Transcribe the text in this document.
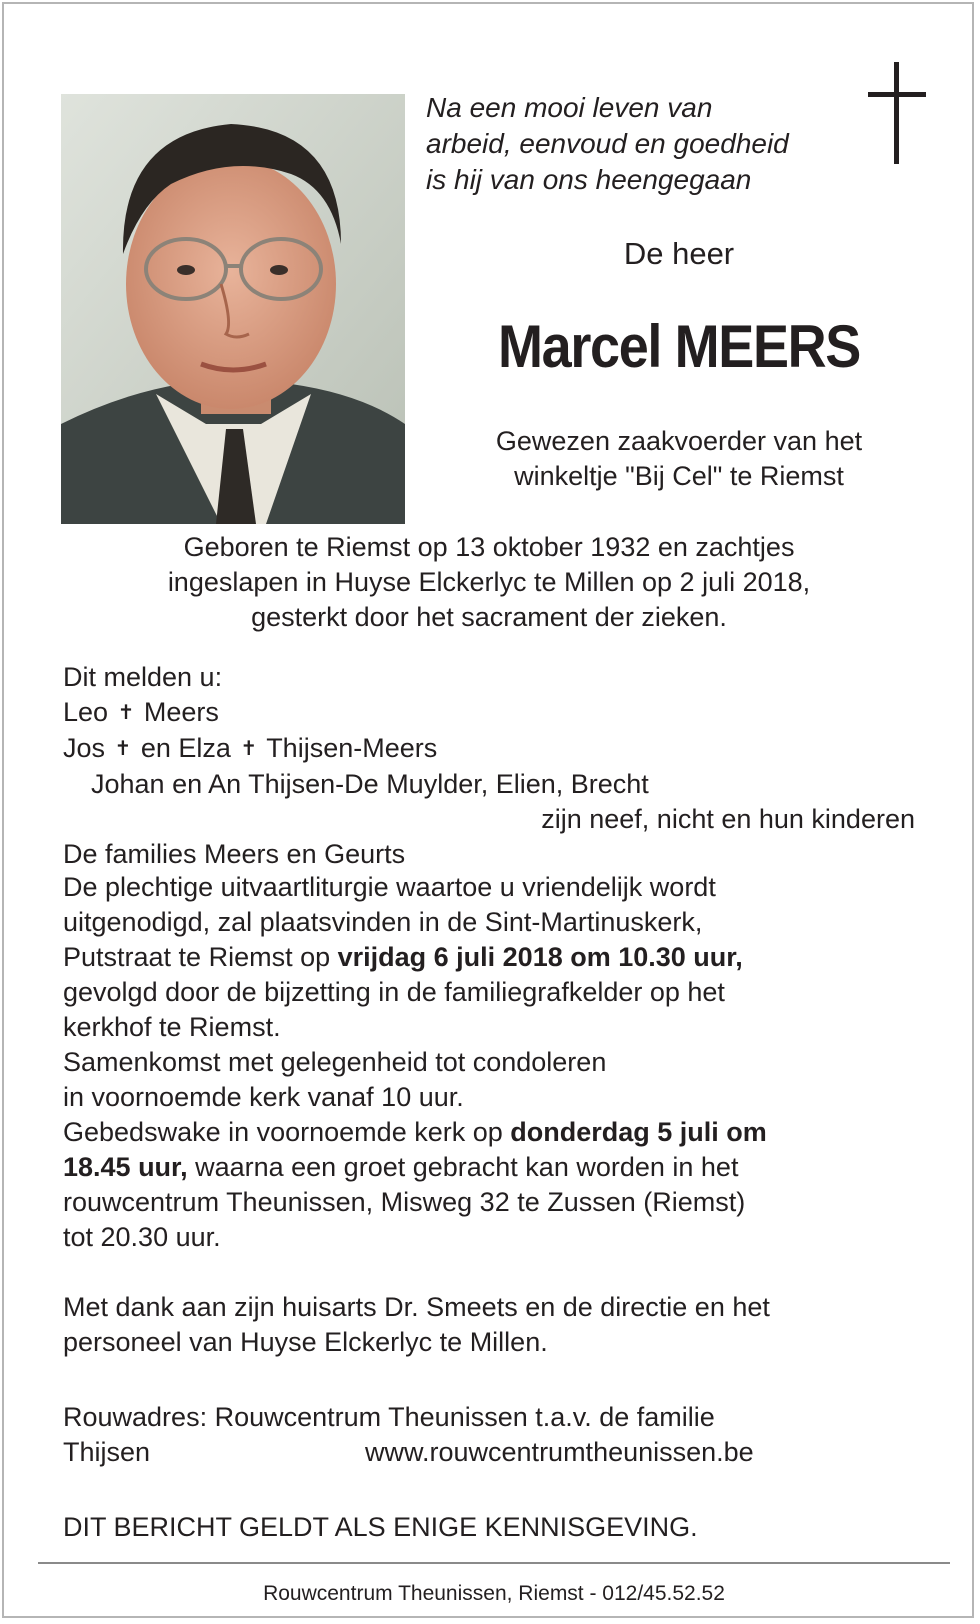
Na een mooi leven van
arbeid, eenvoud en goedheid
is hij van ons heengegaan
De heer
Marcel MEERS
Gewezen zaakvoerder van het
winkeltje "Bij Cel" te Riemst
Geboren te Riemst op 13 oktober 1932 en zachtjes
ingeslapen in Huyse Elckerlyc te Millen op 2 juli 2018,
gesterkt door het sacrament der zieken.
Dit melden u:
Leo ✝ Meers
Jos ✝ en Elza ✝ Thijsen-Meers
Johan en An Thijsen-De Muylder, Elien, Brecht
zijn neef, nicht en hun kinderen
De families Meers en Geurts
De plechtige uitvaartliturgie waartoe u vriendelijk wordt
uitgenodigd, zal plaatsvinden in de Sint-Martinuskerk,
Putstraat te Riemst op vrijdag 6 juli 2018 om 10.30 uur,
gevolgd door de bijzetting in de familiegrafkelder op het
kerkhof te Riemst.
Samenkomst met gelegenheid tot condoleren
in voornoemde kerk vanaf 10 uur.
Gebedswake in voornoemde kerk op donderdag 5 juli om
18.45 uur, waarna een groet gebracht kan worden in het
rouwcentrum Theunissen, Misweg 32 te Zussen (Riemst)
tot 20.30 uur.
Met dank aan zijn huisarts Dr. Smeets en de directie en het
personeel van Huyse Elckerlyc te Millen.
Rouwadres: Rouwcentrum Theunissen t.a.v. de familie
Thijsen	www.rouwcentrumtheunissen.be
DIT BERICHT GELDT ALS ENIGE KENNISGEVING.
Rouwcentrum Theunissen, Riemst - 012/45.52.52
